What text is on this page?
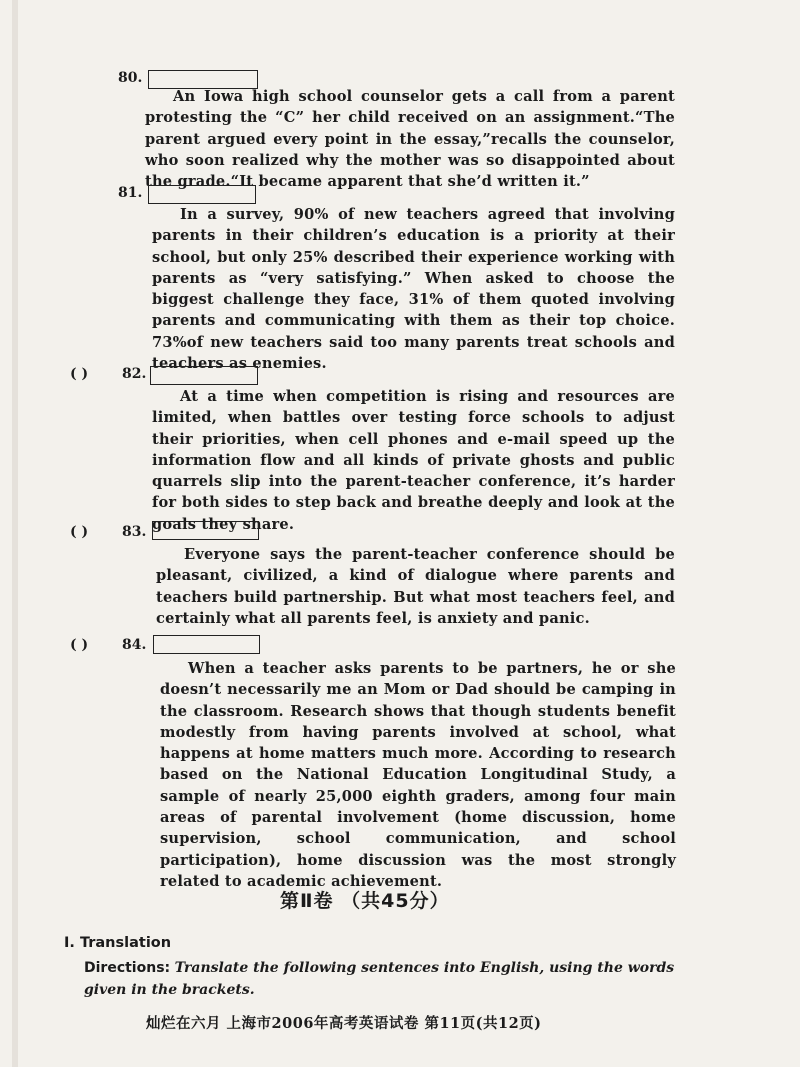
80.
An Iowa high school counselor gets a call from a parent protesting the “C” her child received on an assignment.“The parent argued every point in the essay,”recalls the counselor, who soon realized why the mother was so disappointed about the grade.“It became apparent that she’d written it.”
81.
In a survey, 90% of new teachers agreed that involving parents in their children’s education is a priority at their school, but only 25% described their experience working with parents as “very satisfying.” When asked to choose the biggest challenge they face, 31% of them quoted involving parents and communicating with them as their top choice. 73%of new teachers said too many parents treat schools and teachers as enemies.
( ) 82.
At a time when competition is rising and resources are limited, when battles over testing force schools to adjust their priorities, when cell phones and e-mail speed up the information flow and all kinds of private ghosts and public quarrels slip into the parent-teacher conference, it’s harder for both sides to step back and breathe deeply and look at the goals they share.
( ) 83.
Everyone says the parent-teacher conference should be pleasant, civilized, a kind of dialogue where parents and teachers build partnership. But what most teachers feel, and certainly what all parents feel, is anxiety and panic.
( ) 84.
When a teacher asks parents to be partners, he or she doesn’t necessarily me an Mom or Dad should be camping in the classroom. Research shows that though students benefit modestly from having parents involved at school, what happens at home matters much more. According to research based on the National Education Longitudinal Study, a sample of nearly 25,000 eighth graders, among four main areas of parental involvement (home discussion, home supervision, school communication, and school participation), home discussion was the most strongly related to academic achievement.
第Ⅱ卷 （共45分）
Ⅰ. Translation
Directions: Translate the following sentences into English, using the words given in the brackets.
灿烂在六月 上海市2006年高考英语试卷 第11页(共12页)
